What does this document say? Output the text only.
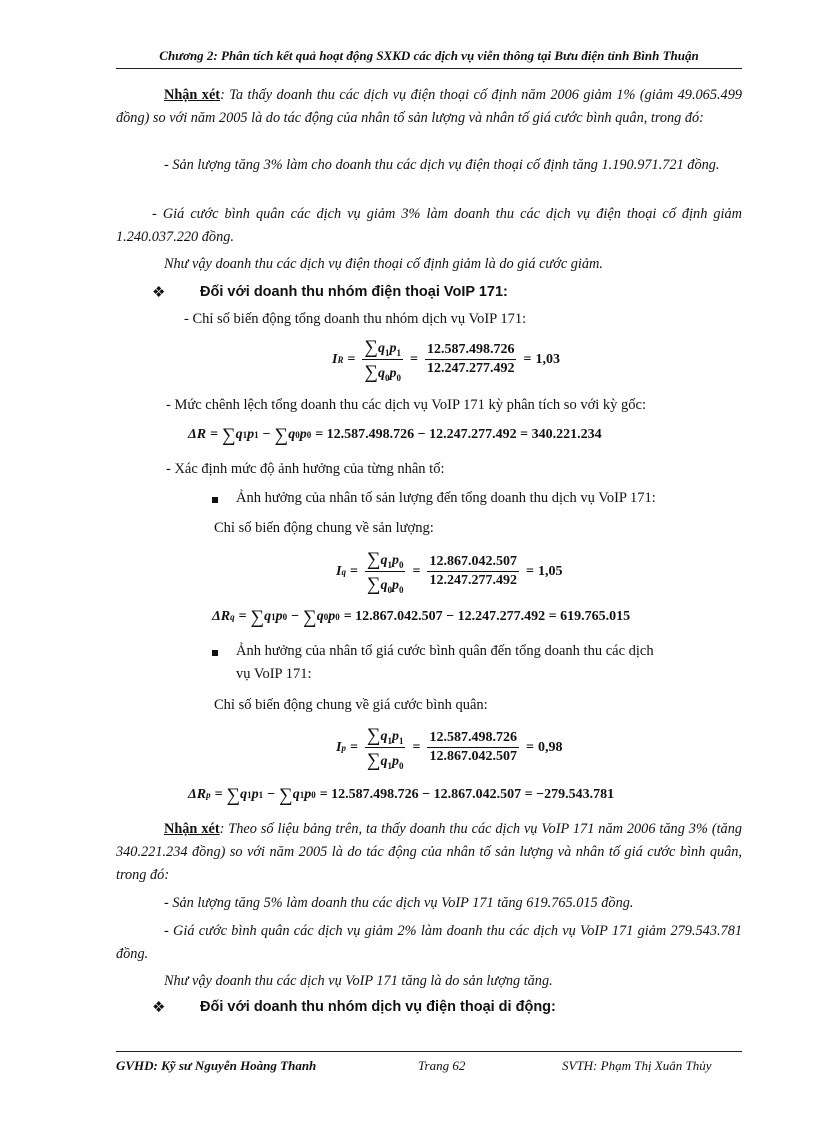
Chương 2: Phân tích kết quả hoạt động SXKD các dịch vụ viễn thông tại Bưu điện tỉnh Bình Thuận
Nhận xét: Ta thấy doanh thu các dịch vụ điện thoại cố định năm 2006 giảm 1% (giảm 49.065.499 đồng) so với năm 2005 là do tác động của nhân tố sản lượng và nhân tố giá cước bình quân, trong đó:
- Sản lượng tăng 3% làm cho doanh thu các dịch vụ điện thoại cố định tăng 1.190.971.721 đồng.
- Giá cước bình quân các dịch vụ giảm 3% làm doanh thu các dịch vụ điện thoại cố định giảm 1.240.037.220 đồng.
Như vậy doanh thu các dịch vụ điện thoại cố định giảm là do giá cước giảm.
❖ Đối với doanh thu nhóm điện thoại VoIP 171:
- Chỉ số biến động tổng doanh thu nhóm dịch vụ VoIP 171:
I $R = \frac{\sum q_1p_1}{\sum q_0p_0} = \frac{12.587.498.726}{12.247.277.492} = 1,03$
- Mức chênh lệch tổng doanh thu các dịch vụ VoIP 171 kỳ phân tích so với kỳ gốc:
ΔR = ∑ q 1 p 1 − ∑ q 0 p 0 = 12.587.498.726 − 12.247.277.492 = 340.221.234
- Xác định mức độ ảnh hưởng của từng nhân tố:
Ảnh hưởng của nhân tố sản lượng đến tổng doanh thu dịch vụ VoIP 171:
Chỉ số biến động chung về sản lượng:
I $q = \frac{\sum q_1p_0}{\sum q_0p_0} = \frac{12.867.042.507}{12.247.277.492} = 1,05$
ΔR q = ∑ q 1 p 0 − ∑ q 0 p 0 = 12.867.042.507 − 12.247.277.492 = 619.765.015
Ảnh hưởng của nhân tố giá cước bình quân đến tổng doanh thu các dịch
vụ VoIP 171:
Chỉ số biến động chung về giá cước bình quân:
I $p = \frac{\sum q_1p_1}{\sum q_1p_0} = \frac{12.587.498.726}{12.867.042.507} = 0,98$
ΔR p = ∑ q 1 p 1 − ∑ q 1 p 0 = 12.587.498.726 − 12.867.042.507 = −279.543.781
Nhận xét: Theo số liệu bảng trên, ta thấy doanh thu các dịch vụ VoIP 171 năm 2006 tăng 3% (tăng 340.221.234 đồng) so với năm 2005 là do tác động của nhân tố sản lượng và nhân tố giá cước bình quân, trong đó:
- Sản lượng tăng 5% làm doanh thu các dịch vụ VoIP 171 tăng 619.765.015 đồng.
- Giá cước bình quân các dịch vụ giảm 2% làm doanh thu các dịch vụ VoIP 171 giảm 279.543.781 đồng.
Như vậy doanh thu các dịch vụ VoIP 171 tăng là do sản lượng tăng.
❖ Đối với doanh thu nhóm dịch vụ điện thoại di động:
GVHD: Kỹ sư Nguyễn Hoàng Thanh	Trang 62	SVTH: Phạm Thị Xuân Thủy
